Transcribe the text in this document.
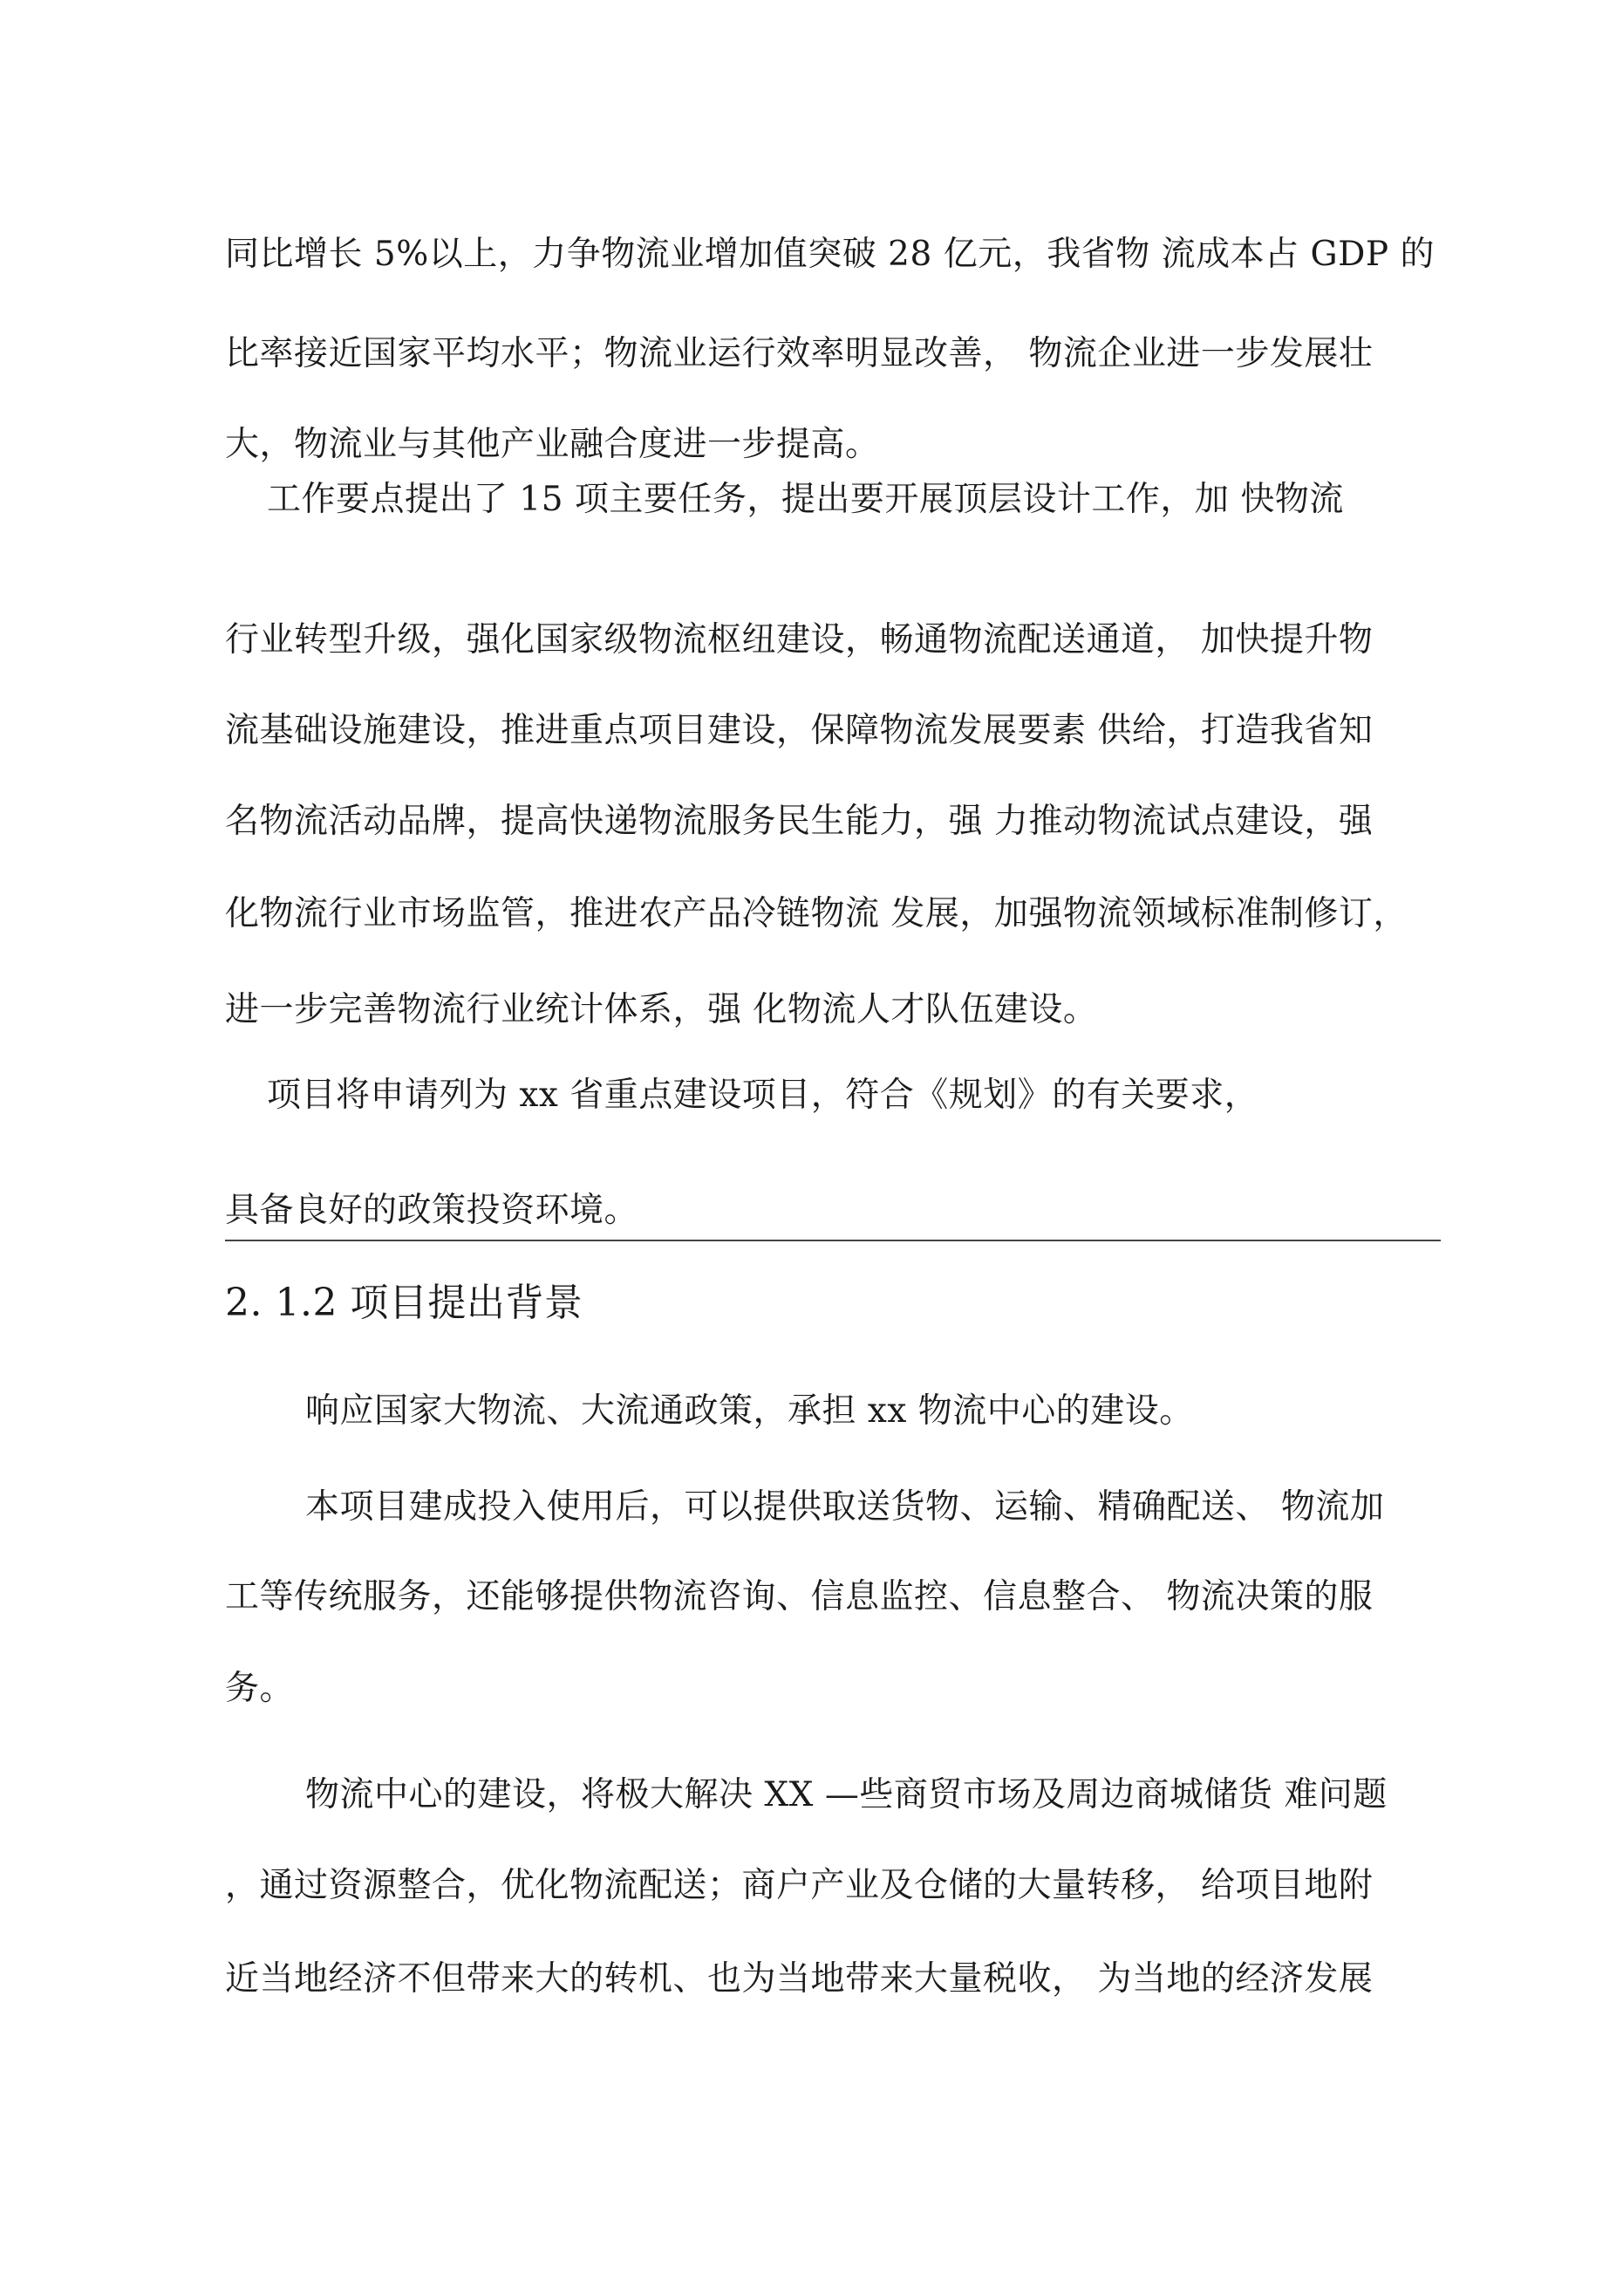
同比增长 5%以上，力争物流业增加值突破 28 亿元，我省物 流成本占 GDP 的
比率接近国家平均水平；物流业运行效率明显改善， 物流企业进一步发展壮
大，物流业与其他产业融合度进一步提高。
工作要点提出了 15 项主要任务，提出要开展顶层设计工作，加 快物流
行业转型升级，强化国家级物流枢纽建设，畅通物流配送通道， 加快提升物
流基础设施建设，推进重点项目建设，保障物流发展要素 供给，打造我省知
名物流活动品牌，提高快递物流服务民生能力，强 力推动物流试点建设，强
化物流行业市场监管，推进农产品冷链物流 发展，加强物流领域标准制修订，
进一步完善物流行业统计体系，强 化物流人才队伍建设。
项目将申请列为 xx 省重点建设项目，符合《规划》的有关要求，
具备良好的政策投资环境。
2. 1.2 项目提出背景
响应国家大物流、大流通政策，承担 xx 物流中心的建设。
本项目建成投入使用后，可以提供取送货物、运输、精确配送、 物流加
工等传统服务，还能够提供物流咨询、信息监控、信息整合、 物流决策的服
务。
物流中心的建设，将极大解决 XX —些商贸市场及周边商城储货 难问题
，通过资源整合，优化物流配送；商户产业及仓储的大量转移， 给项目地附
近当地经济不但带来大的转机、也为当地带来大量税收， 为当地的经济发展
